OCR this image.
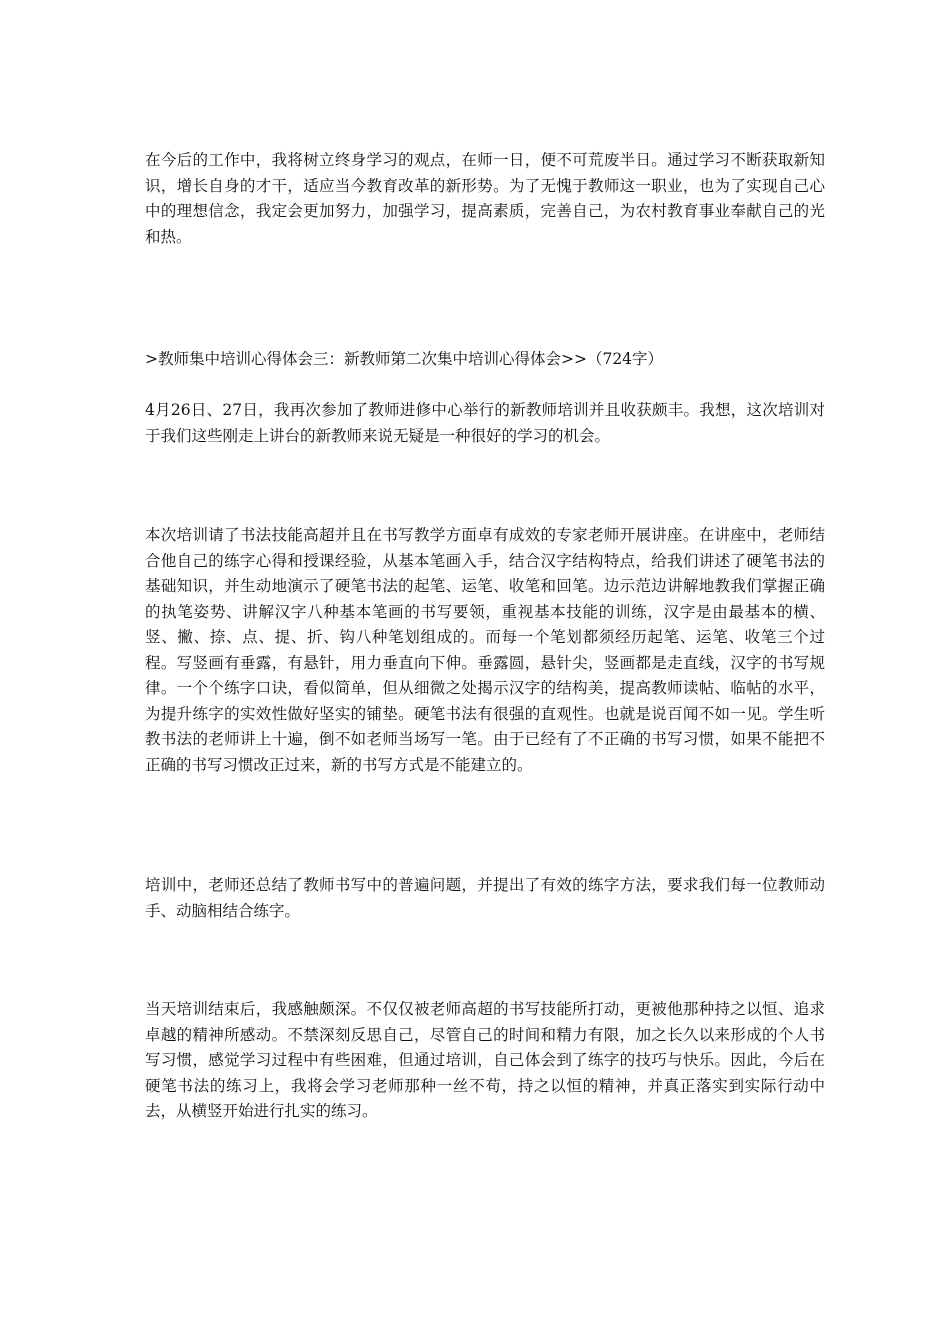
在今后的工作中，我将树立终身学习的观点，在师一日，便不可荒废半日。通过学习不断获取新知识，增长自身的才干，适应当今教育改革的新形势。为了无愧于教师这一职业，也为了实现自己心中的理想信念，我定会更加努力，加强学习，提高素质，完善自己，为农村教育事业奉献自己的光和热。

>教师集中培训心得体会三：新教师第二次集中培训心得体会>>（724字）

4月26日、27日，我再次参加了教师进修中心举行的新教师培训并且收获颇丰。我想，这次培训对于我们这些刚走上讲台的新教师来说无疑是一种很好的学习的机会。

本次培训请了书法技能高超并且在书写教学方面卓有成效的专家老师开展讲座。在讲座中，老师结合他自己的练字心得和授课经验，从基本笔画入手，结合汉字结构特点，给我们讲述了硬笔书法的基础知识，并生动地演示了硬笔书法的起笔、运笔、收笔和回笔。边示范边讲解地教我们掌握正确的执笔姿势、讲解汉字八种基本笔画的书写要领，重视基本技能的训练，汉字是由最基本的横、竖、撇、捺、点、提、折、钩八种笔划组成的。而每一个笔划都须经历起笔、运笔、收笔三个过程。写竖画有垂露，有悬针，用力垂直向下伸。垂露圆，悬针尖，竖画都是走直线，汉字的书写规律。一个个练字口诀，看似简单，但从细微之处揭示汉字的结构美，提高教师读帖、临帖的水平，为提升练字的实效性做好坚实的铺垫。硬笔书法有很强的直观性。也就是说百闻不如一见。学生听教书法的老师讲上十遍，倒不如老师当场写一笔。由于已经有了不正确的书写习惯，如果不能把不正确的书写习惯改正过来，新的书写方式是不能建立的。

培训中，老师还总结了教师书写中的普遍问题，并提出了有效的练字方法，要求我们每一位教师动手、动脑相结合练字。

当天培训结束后，我感触颇深。不仅仅被老师高超的书写技能所打动，更被他那种持之以恒、追求卓越的精神所感动。不禁深刻反思自己，尽管自己的时间和精力有限，加之长久以来形成的个人书写习惯，感觉学习过程中有些困难，但通过培训，自己体会到了练字的技巧与快乐。因此，今后在硬笔书法的练习上，我将会学习老师那种一丝不苟，持之以恒的精神，并真正落实到实际行动中去，从横竖开始进行扎实的练习。
